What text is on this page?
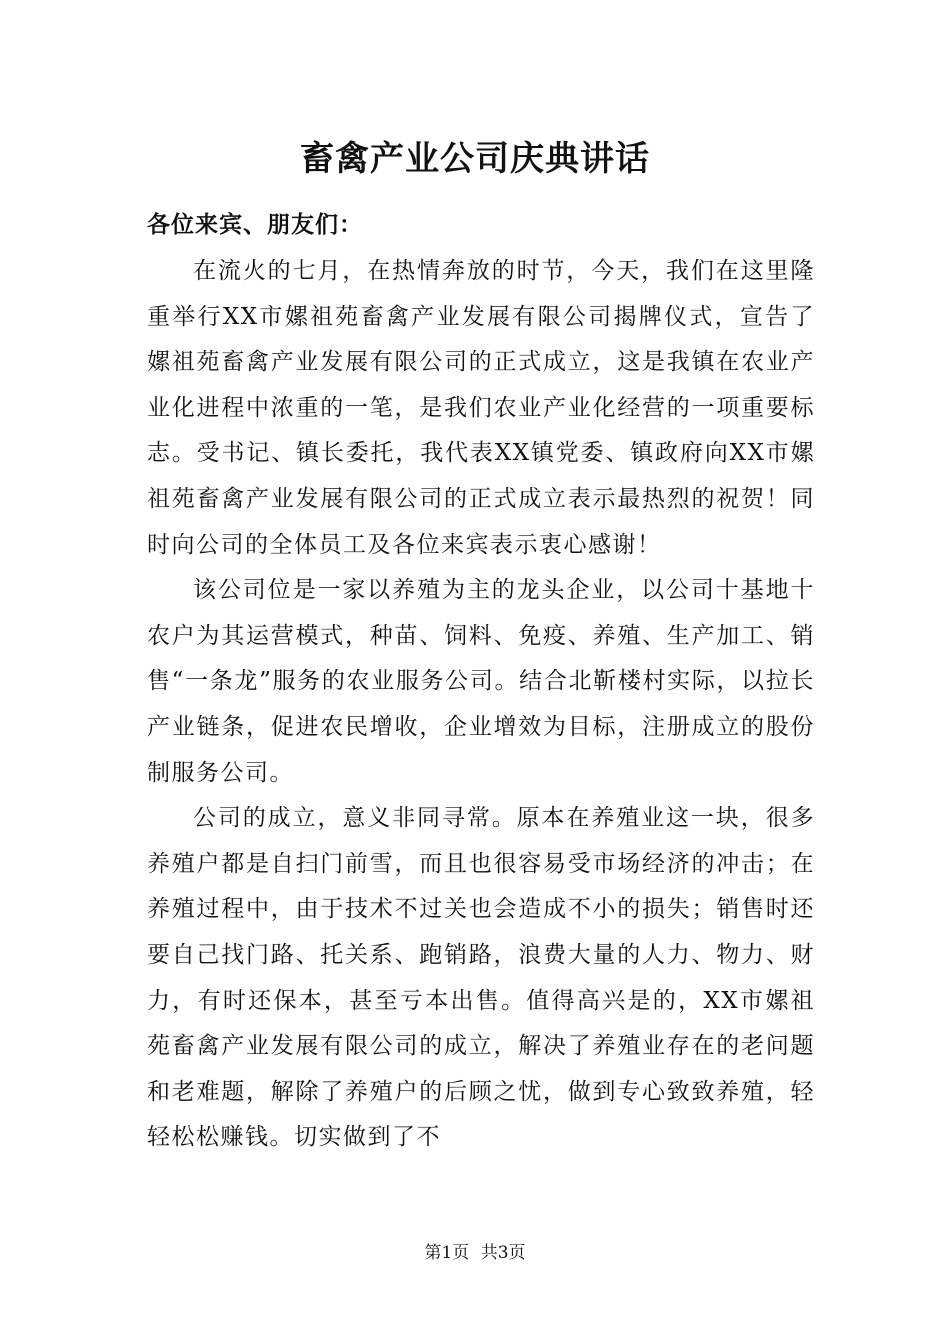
畜禽产业公司庆典讲话
各位来宾、朋友们：

在流火的七月，在热情奔放的时节，今天，我们在这里隆重举行XX市嫘祖苑畜禽产业发展有限公司揭牌仪式，宣告了嫘祖苑畜禽产业发展有限公司的正式成立，这是我镇在农业产业化进程中浓重的一笔，是我们农业产业化经营的一项重要标志。受书记、镇长委托，我代表XX镇党委、镇政府向XX市嫘祖苑畜禽产业发展有限公司的正式成立表示最热烈的祝贺！同时向公司的全体员工及各位来宾表示衷心感谢！

该公司位是一家以养殖为主的龙头企业，以公司十基地十农户为其运营模式，种苗、饲料、免疫、养殖、生产加工、销售“一条龙”服务的农业服务公司。结合北靳楼村实际，以拉长产业链条，促进农民增收，企业增效为目标，注册成立的股份制服务公司。

公司的成立，意义非同寻常。原本在养殖业这一块，很多养殖户都是自扫门前雪，而且也很容易受市场经济的冲击；在养殖过程中，由于技术不过关也会造成不小的损失；销售时还要自己找门路、托关系、跑销路，浪费大量的人力、物力、财力，有时还保本，甚至亏本出售。值得高兴是的，XX市嫘祖苑畜禽产业发展有限公司的成立，解决了养殖业存在的老问题和老难题，解除了养殖户的后顾之忧，做到专心致致养殖，轻轻松松赚钱。切实做到了不

第1页 共3页
